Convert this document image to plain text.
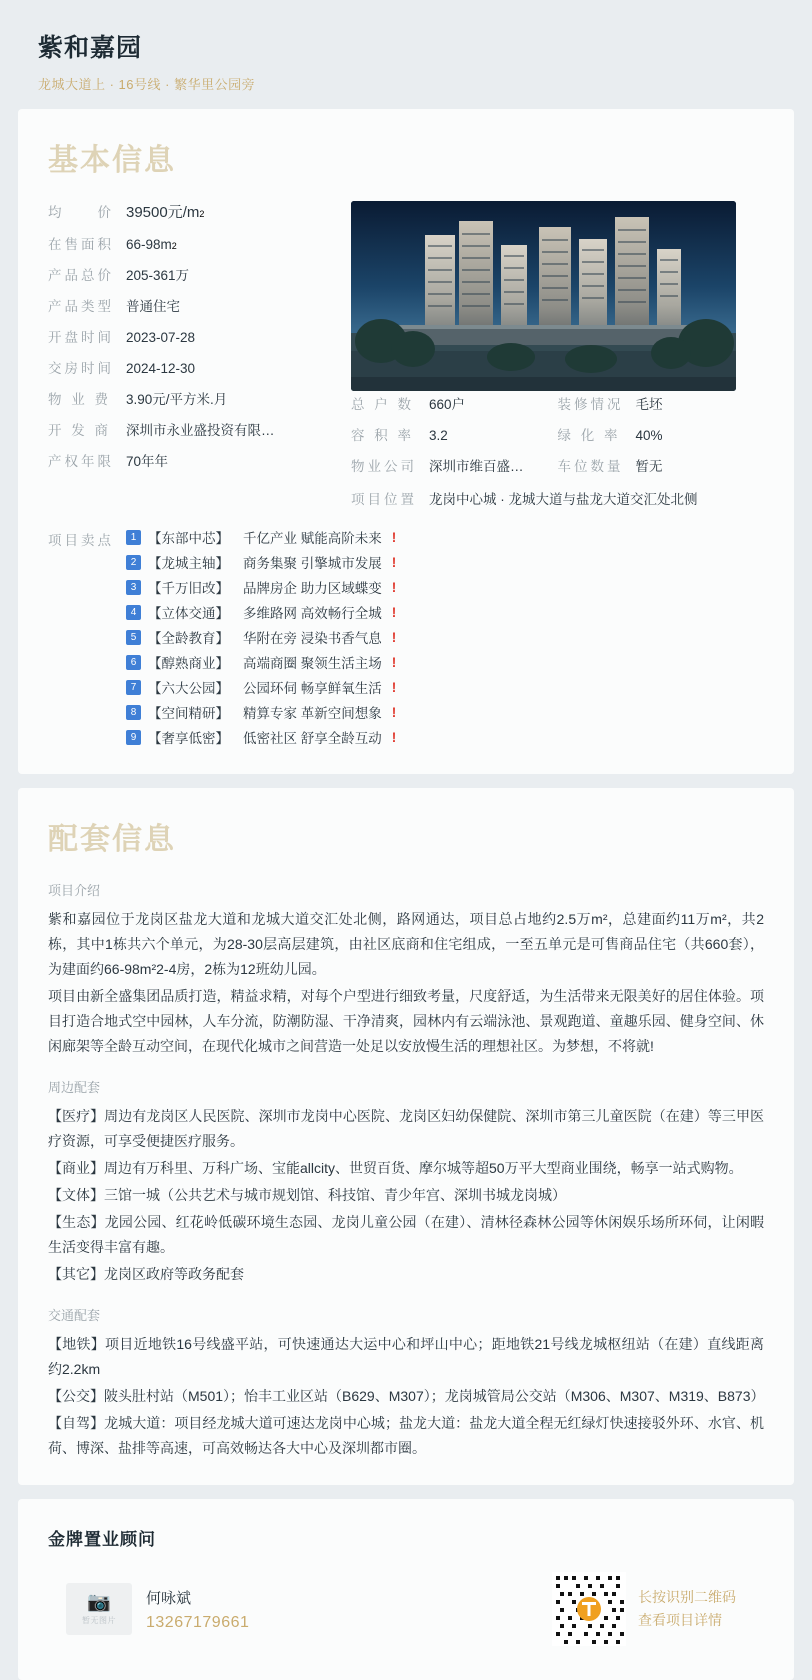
紫和嘉园
龙城大道上 · 16号线 · 繁华里公园旁
基本信息
均　　价 39500元/m 2
在售面积 66-98m 2
产品总价 205-361万
产品类型 普通住宅
开盘时间 2023-07-28
交房时间 2024-12-30
物 业 费	3.90元/平方米.月
开 发 商	深圳市永业盛投资有限…
产权年限 70年年
总 户 数	660户	装修情况 毛坯
容 积 率	3.2	绿 化 率	40%
物业公司 深圳市维百盛…	车位数量 暂无
项目位置 龙岗中心城 · 龙城大道与盐龙大道交汇处北侧
项目卖点	1 【东部中芯】 千亿产业 赋能高阶未来 !
2 【龙城主轴】 商务集聚 引擎城市发展 !
3 【千万旧改】 品牌房企 助力区域蝶变 !
4 【立体交通】 多维路网 高效畅行全城 !
5 【全龄教育】 华附在旁 浸染书香气息 !
6 【醇熟商业】 高端商圈 聚领生活主场 !
7 【六大公园】 公园环伺 畅享鲜氧生活 !
8 【空间精研】 精算专家 革新空间想象 !
9 【奢享低密】 低密社区 舒享全龄互动 !
配套信息
项目介绍

紫和嘉园位于龙岗区盐龙大道和龙城大道交汇处北侧，路网通达，项目总占地约2.5万m²，总建面约11万m²，共2栋，其中1栋共六个单元，为28-30层高层建筑，由社区底商和住宅组成，一至五单元是可售商品住宅（共660套），为建面约66-98m²2-4房，2栋为12班幼儿园。

项目由新全盛集团品质打造，精益求精，对每个户型进行细致考量，尺度舒适，为生活带来无限美好的居住体验。项目打造合地式空中园林，人车分流，防潮防湿、干净清爽，园林内有云端泳池、景观跑道、童趣乐园、健身空间、休闲廊架等全龄互动空间，在现代化城市之间营造一处足以安放慢生活的理想社区。为梦想，不将就!

周边配套

【医疗】周边有龙岗区人民医院、深圳市龙岗中心医院、龙岗区妇幼保健院、深圳市第三儿童医院（在建）等三甲医疗资源，可享受便捷医疗服务。

【商业】周边有万科里、万科广场、宝能allcity、世贸百货、摩尔城等超50万平大型商业围绕，畅享一站式购物。

【文体】三馆一城（公共艺术与城市规划馆、科技馆、青少年宫、深圳书城龙岗城）

【生态】龙园公园、红花岭低碳环境生态园、龙岗儿童公园（在建）、清林径森林公园等休闲娱乐场所环伺，让闲暇生活变得丰富有趣。

【其它】龙岗区政府等政务配套

交通配套

【地铁】项目近地铁16号线盛平站，可快速通达大运中心和坪山中心；距地铁21号线龙城枢纽站（在建）直线距离约2.2km

【公交】陂头肚村站（M501）；怡丰工业区站（B629、M307）；龙岗城管局公交站（M306、M307、M319、B873）

【自驾】龙城大道：项目经龙城大道可速达龙岗中心城；盐龙大道：盐龙大道全程无红绿灯快速接驳外环、水官、机荷、博深、盐排等高速，可高效畅达各大中心及深圳都市圈。

金牌置业顾问
📷
暂无图片
何咏斌
13267179661
长按识别二维码
查看项目详情
